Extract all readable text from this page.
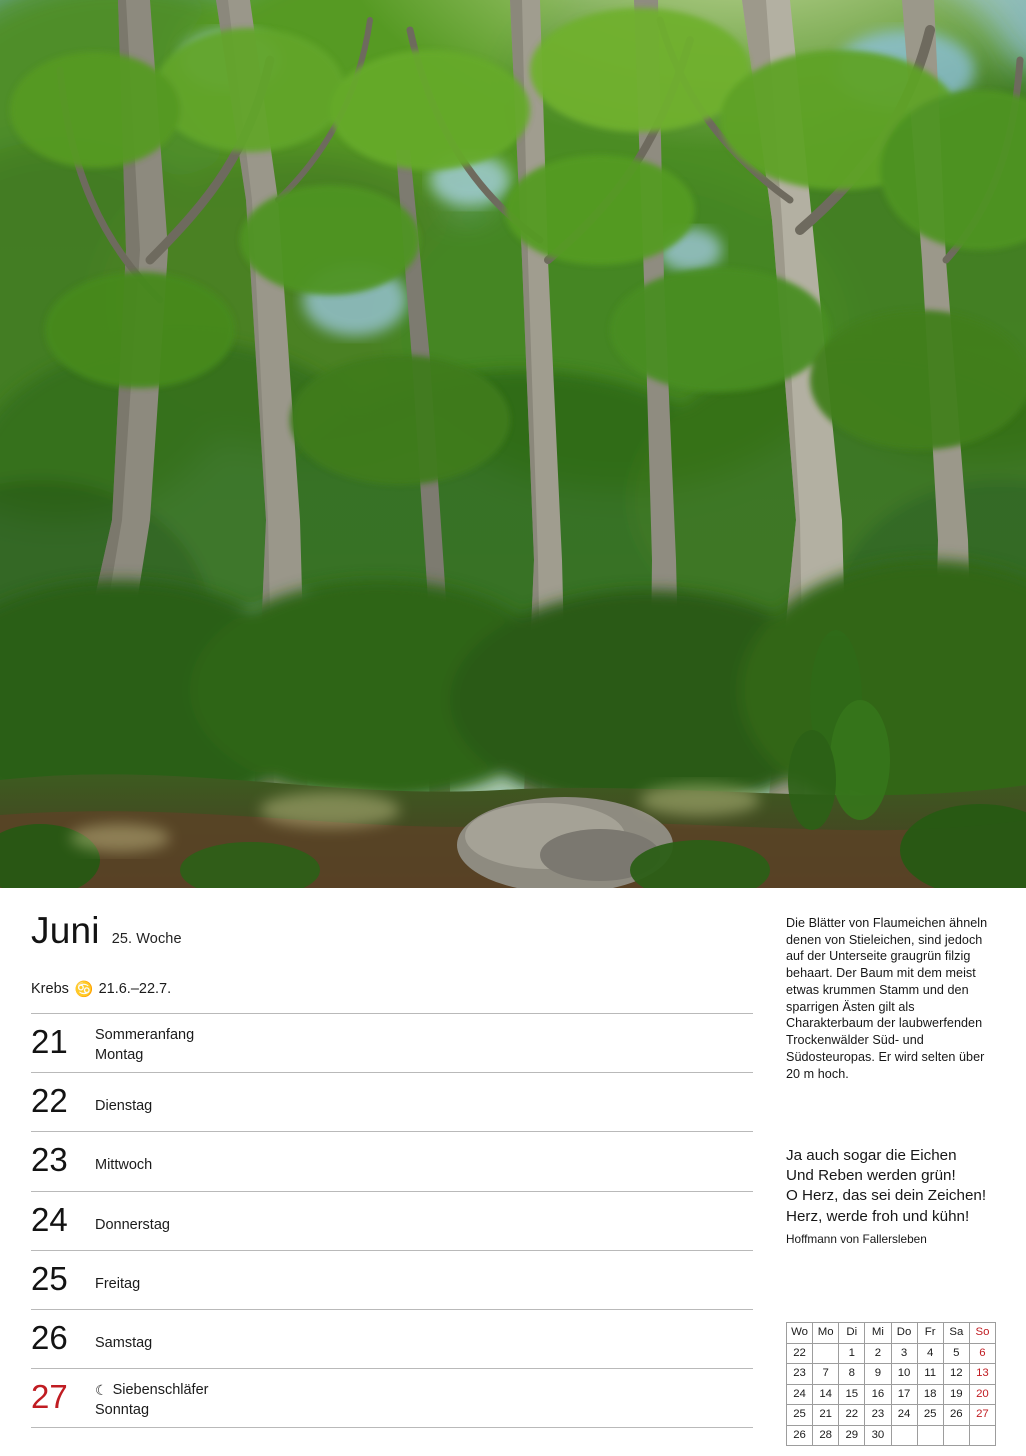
Juni 25. Woche
Krebs ♋ 21.6.–22.7.
21	Sommeranfang
Montag
22	Dienstag
23	Mittwoch
24	Donnerstag
25	Freitag
26	Samstag
27	☾ Siebenschläfer
Sonntag
Die Blätter von Flaumeichen ähneln denen von Stieleichen, sind jedoch auf der Unterseite graugrün filzig behaart. Der Baum mit dem meist etwas krummen Stamm und den sparrigen Ästen gilt als Charakterbaum der laubwerfenden Trockenwälder Süd- und Südosteuropas. Er wird selten über 20 m hoch.
Ja auch sogar die Eichen
Und Reben werden grün!
O Herz, das sei dein Zeichen!
Herz, werde froh und kühn!
Hoffmann von Fallersleben
Wo	Mo	Di	Mi	Do	Fr	Sa	So
22		1	2	3	4	5	6
23	7	8	9	10	11	12	13
24	14	15	16	17	18	19	20
25	21	22	23	24	25	26	27
26	28	29	30				
